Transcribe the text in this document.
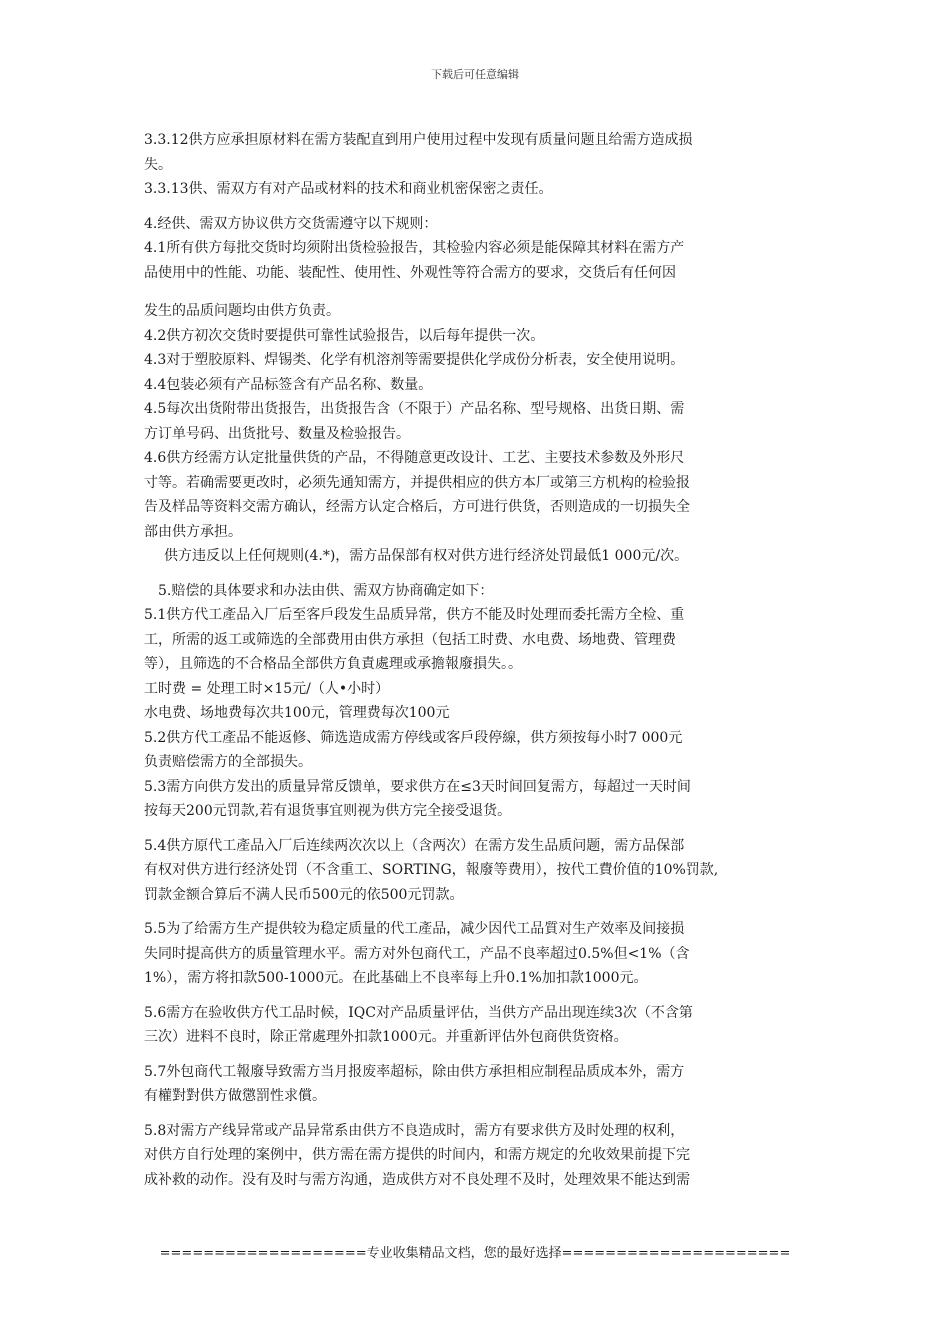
下载后可任意编辑

3.3.12供方应承担原材料在需方装配直到用户使用过程中发现有质量问题且给需方造成损

失。

3.3.13供、需双方有对产品或材料的技术和商业机密保密之责任。

4.经供、需双方协议供方交货需遵守以下规则：

4.1所有供方每批交货时均须附出货检验报告，其检验内容必须是能保障其材料在需方产

品使用中的性能、功能、装配性、使用性、外观性等符合需方的要求，交货后有任何因

发生的品质问题均由供方负责。

4.2供方初次交货时要提供可靠性试验报告，以后每年提供一次。

4.3对于塑胶原料、焊锡类、化学有机溶剂等需要提供化学成份分析表，安全使用说明。

4.4包装必须有产品标签含有产品名称、数量。

4.5每次出货附带出货报告，出货报告含（不限于）产品名称、型号规格、出货日期、需

方订单号码、出货批号、数量及检验报告。

4.6供方经需方认定批量供货的产品，不得随意更改设计、工艺、主要技术参数及外形尺

寸等。若确需要更改时，必须先通知需方，并提供相应的供方本厂或第三方机构的检验报

告及样品等资料交需方确认，经需方认定合格后，方可进行供货，否则造成的一切损失全

部由供方承担。

供方违反以上任何规则(4.*)，需方品保部有权对供方进行经济处罚最低1 000元/次。

5.赔偿的具体要求和办法由供、需双方协商确定如下：

5.1供方代工產品入厂后至客戶段发生品质异常，供方不能及时处理而委托需方全检、重

工，所需的返工或筛选的全部费用由供方承担（包括工时费、水电费、场地费、管理费

等），且筛选的不合格品全部供方負責處理或承擔報廢損失。。

工时费 = 处理工时×15元/（人•小时）

水电费、场地费每次共100元，管理费每次100元

5.2供方代工產品不能返修、筛选造成需方停线或客戶段停線，供方须按每小时7 000元

负责赔偿需方的全部损失。

5.3需方向供方发出的质量异常反馈单，要求供方在≤3天时间回复需方，每超过一天时间

按每天200元罚款,若有退货事宜则视为供方完全接受退货。

5.4供方原代工產品入厂后连续两次次以上（含两次）在需方发生品质问题，需方品保部

有权对供方进行经济处罚（不含重工、SORTING，報廢等费用），按代工費价值的10%罚款,

罚款金额合算后不满人民币500元的依500元罚款。

5.5为了给需方生产提供较为稳定质量的代工產品，减少因代工品質对生产效率及间接损

失同时提高供方的质量管理水平。需方对外包商代工，产品不良率超过0.5%但<1%（含

1%），需方将扣款500-1000元。在此基础上不良率每上升0.1%加扣款1000元。

5.6需方在验收供方代工品时候，IQC对产品质量评估，当供方产品出现连续3次（不含第

三次）进料不良时，除正常處理外扣款1000元。并重新评估外包商供货资格。

5.7外包商代工報廢导致需方当月报废率超标，除由供方承担相应制程品质成本外，需方

有權對對供方做懲罰性求償。

5.8对需方产线异常或产品异常系由供方不良造成时，需方有要求供方及时处理的权利，

对供方自行处理的案例中，供方需在需方提供的时间内，和需方规定的允收效果前提下完

成补救的动作。没有及时与需方沟通，造成供方对不良处理不及时，处理效果不能达到需

===================专业收集精品文档，您的最好选择=====================
